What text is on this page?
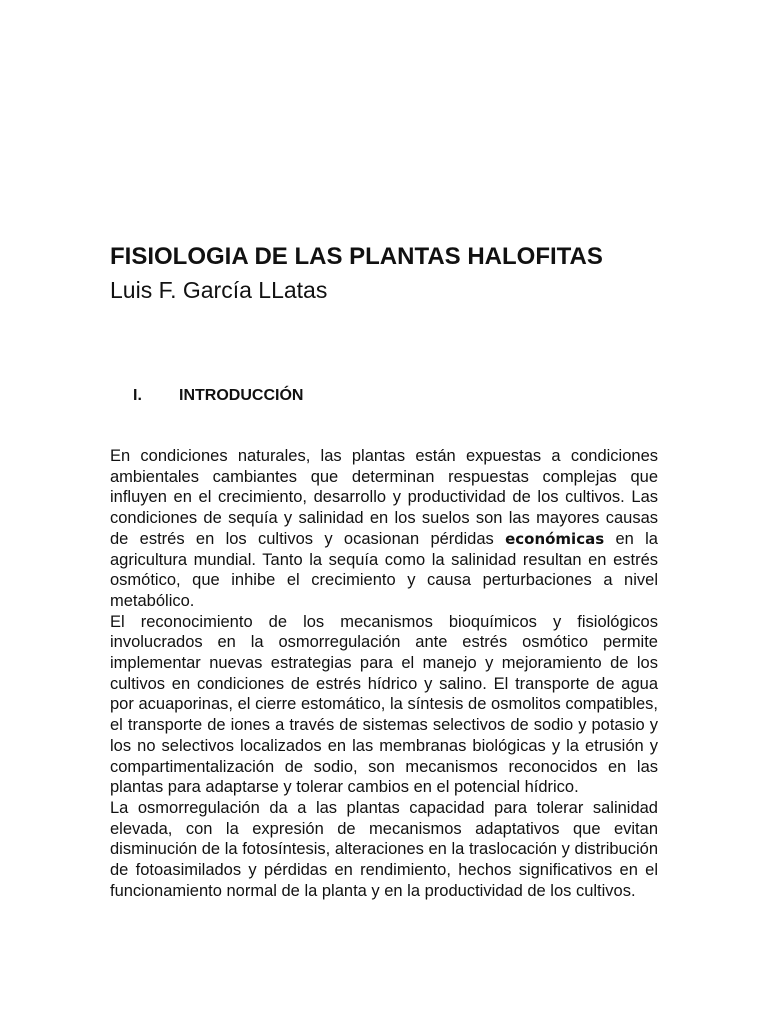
FISIOLOGIA DE LAS PLANTAS HALOFITAS
Luis F. García LLatas
I. INTRODUCCIÓN

En condiciones naturales, las plantas están expuestas a condiciones ambientales cambiantes que determinan respuestas complejas que influyen en el crecimiento, desarrollo y productividad de los cultivos. Las condiciones de sequía y salinidad en los suelos son las mayores causas de estrés en los cultivos y ocasionan pérdidas económicas en la agricultura mundial. Tanto la sequía como la salinidad resultan en estrés osmótico, que inhibe el crecimiento y causa perturbaciones a nivel metabólico.

El reconocimiento de los mecanismos bioquímicos y fisiológicos involucrados en la osmorregulación ante estrés osmótico permite implementar nuevas estrategias para el manejo y mejoramiento de los cultivos en condiciones de estrés hídrico y salino. El transporte de agua por acuaporinas, el cierre estomático, la síntesis de osmolitos compatibles, el transporte de iones a través de sistemas selectivos de sodio y potasio y los no selectivos localizados en las membranas biológicas y la etrusión y compartimentalización de sodio, son mecanismos reconocidos en las plantas para adaptarse y tolerar cambios en el potencial hídrico.

La osmorregulación da a las plantas capacidad para tolerar salinidad elevada, con la expresión de mecanismos adaptativos que evitan disminución de la fotosíntesis, alteraciones en la traslocación y distribución de fotoasimilados y pérdidas en rendimiento, hechos significativos en el funcionamiento normal de la planta y en la productividad de los cultivos.
